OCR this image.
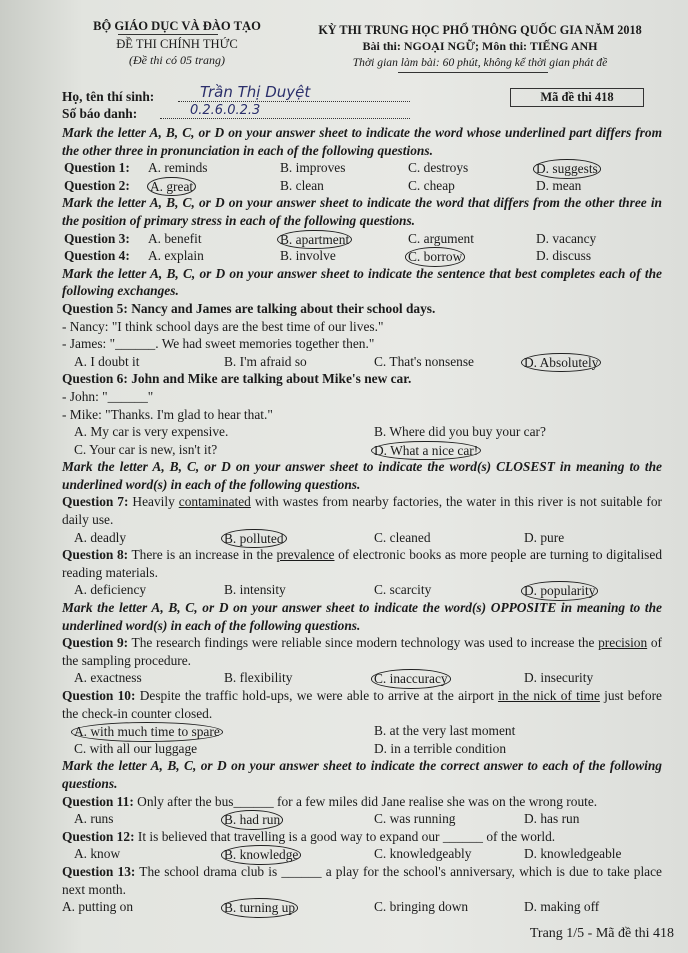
BỘ GIÁO DỤC VÀ ĐÀO TẠO
ĐỀ THI CHÍNH THỨC
(Đề thi có 05 trang)
KỲ THI TRUNG HỌC PHỔ THÔNG QUỐC GIA NĂM 2018
Bài thi: NGOẠI NGỮ; Môn thi: TIẾNG ANH
Thời gian làm bài: 60 phút, không kể thời gian phát đề
Họ, tên thí sinh:	Trần Thị Duyệt
Số báo danh:	0.2.6.0.2.3
Mã đề thi 418
Mark the letter A, B, C, or D on your answer sheet to indicate the word whose underlined part differs from the other three in pronunciation in each of the following questions.
Question 1: A. reminds	B. improves	C. destroys	D. suggests
Question 2: A. great	B. clean	C. cheap	D. mean
Mark the letter A, B, C, or D on your answer sheet to indicate the word that differs from the other three in the position of primary stress in each of the following questions.
Question 3: A. benefit	B. apartment	C. argument	D. vacancy
Question 4: A. explain	B. involve	C. borrow	D. discuss
Mark the letter A, B, C, or D on your answer sheet to indicate the sentence that best completes each of the following exchanges.
Question 5: Nancy and James are talking about their school days.
- Nancy: "I think school days are the best time of our lives."
- James: "______. We had sweet memories together then."
A. I doubt it	B. I'm afraid so	C. That's nonsense	D. Absolutely
Question 6: John and Mike are talking about Mike's new car.
- John: "______"
- Mike: "Thanks. I'm glad to hear that."
A. My car is very expensive.	B. Where did you buy your car?
C. Your car is new, isn't it?	D. What a nice car!
Mark the letter A, B, C, or D on your answer sheet to indicate the word(s) CLOSEST in meaning to the underlined word(s) in each of the following questions.
Question 7: Heavily contaminated with wastes from nearby factories, the water in this river is not suitable for daily use.
A. deadly	B. polluted	C. cleaned	D. pure
Question 8: There is an increase in the prevalence of electronic books as more people are turning to digitalised reading materials.
A. deficiency	B. intensity	C. scarcity	D. popularity
Mark the letter A, B, C, or D on your answer sheet to indicate the word(s) OPPOSITE in meaning to the underlined word(s) in each of the following questions.
Question 9: The research findings were reliable since modern technology was used to increase the precision of the sampling procedure.
A. exactness	B. flexibility	C. inaccuracy	D. insecurity
Question 10: Despite the traffic hold-ups, we were able to arrive at the airport in the nick of time just before the check-in counter closed.
A. with much time to spare	B. at the very last moment
C. with all our luggage	D. in a terrible condition
Mark the letter A, B, C, or D on your answer sheet to indicate the correct answer to each of the following questions.
Question 11: Only after the bus______ for a few miles did Jane realise she was on the wrong route.
A. runs	B. had run	C. was running	D. has run
Question 12: It is believed that travelling is a good way to expand our ______ of the world.
A. know	B. knowledge	C. knowledgeably	D. knowledgeable
Question 13: The school drama club is ______ a play for the school's anniversary, which is due to take place next month.
A. putting on	B. turning up	C. bringing down	D. making off
Trang 1/5 - Mã đề thi 418
